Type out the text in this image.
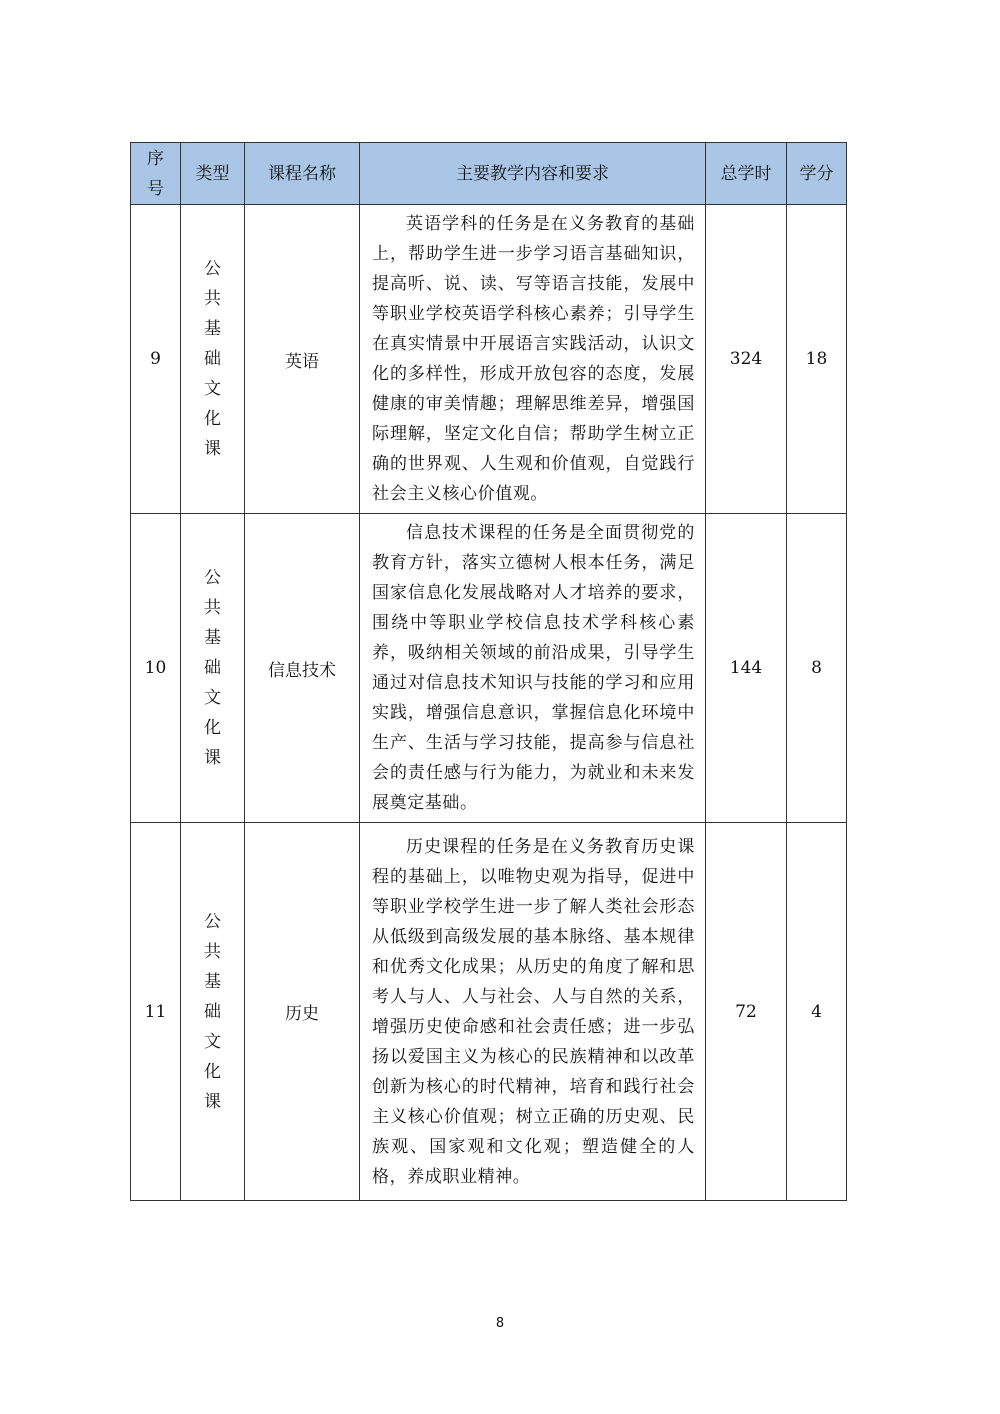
序号	类型	课程名称	主要教学内容和要求	总学时	学分
9	公共基础文化课	英语	英语学科的任务是在义务教育的基础上，帮助学生进一步学习语言基础知识，提高听、说、读、写等语言技能，发展中等职业学校英语学科核心素养；引导学生在真实情景中开展语言实践活动，认识文化的多样性，形成开放包容的态度，发展健康的审美情趣；理解思维差异，增强国际理解，坚定文化自信；帮助学生树立正确的世界观、人生观和价值观，自觉践行社会主义核心价值观。	324	18
10	公共基础文化课	信息技术	信息技术课程的任务是全面贯彻党的教育方针，落实立德树人根本任务，满足国家信息化发展战略对人才培养的要求，围绕中等职业学校信息技术学科核心素养，吸纳相关领域的前沿成果，引导学生通过对信息技术知识与技能的学习和应用实践，增强信息意识，掌握信息化环境中生产、生活与学习技能，提高参与信息社会的责任感与行为能力，为就业和未来发展奠定基础。	144	8
11	公共基础文化课	历史	历史课程的任务是在义务教育历史课程的基础上，以唯物史观为指导，促进中等职业学校学生进一步了解人类社会形态从低级到高级发展的基本脉络、基本规律和优秀文化成果；从历史的角度了解和思考人与人、人与社会、人与自然的关系，增强历史使命感和社会责任感；进一步弘扬以爱国主义为核心的民族精神和以改革创新为核心的时代精神，培育和践行社会主义核心价值观；树立正确的历史观、民族观、国家观和文化观；塑造健全的人格，养成职业精神。	72	4
8
